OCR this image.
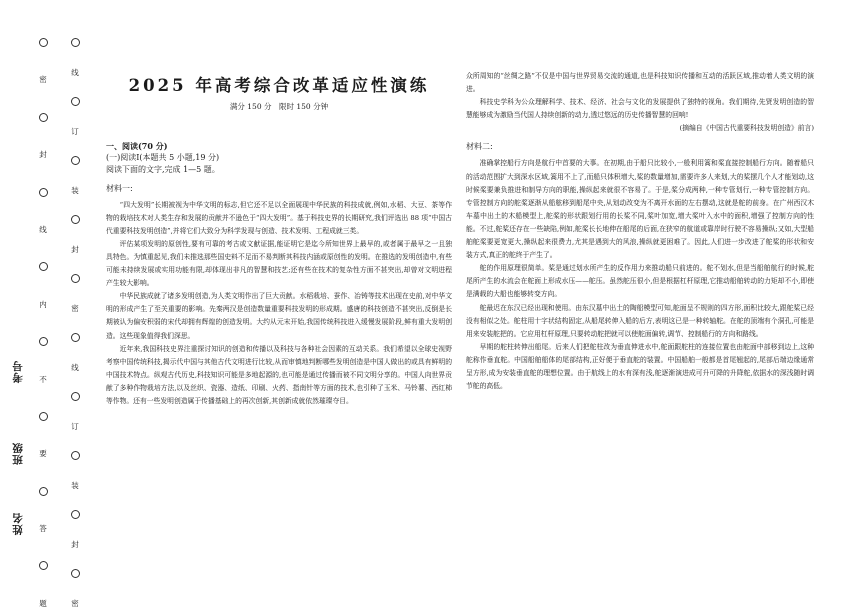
密
封
线
内
不
要
答
题
姓名
班级
考号
线
订
装
封
密
线
订
装
封
密
2025 年高考综合改革适应性演练
满分 150 分　限时 150 分钟

一、阅读(70 分)

(一)阅读Ⅰ(本题共 5 小题,19 分)

阅读下面的文字,完成 1—5 题。

材料一:

“四大发明”长期被视为中华文明的标志,但它还不足以全面展现中华民族的科技成就,例如,水稻、大豆、茶等作物的栽培技术对人类生存和发展的贡献并不逊色于“四大发明”。基于科技史界的长期研究,我们评选出 88 项“中国古代重要科技发明创造”,并将它们大致分为科学发现与创造、技术发明、工程成就三类。

评估某项发明的原创性,要有可靠的考古或文献证据,能证明它是迄今所知世界上最早的,或者属于最早之一且独具特色。为慎重起见,我们未推选那些国史料不足而不易判断其科技内涵或原创性的发明。在推选的发明创造中,有些可能未持续发展或实用功能有限,却体现出非凡的智慧和技艺;还有些在技术的复杂性方面不甚突出,却曾对文明进程产生较大影响。

中华民族成就了诸多发明创造,为人类文明作出了巨大贡献。水稻栽培、蚕作、冶铸等技术出现在史前,对中华文明的形成产生了至关重要的影响。先秦两汉是创造数量重要科技发明的形成期。盛唐的科技创造不甚突出,反倒是长期被认为偏安积弱的宋代却拥有辉煌的创造发明。大约从元末开始,我国传统科技进入缓慢发展阶段,鲜有重大发明创造。这些现象值得我们深思。

近年来,我国科技史界注重探讨知识的创造和传播以及科技与各种社会因素的互动关系。我们希望以全球史视野考察中国传统科技,揭示代中国与其他古代文明进行比较,从而审慎地判断哪些发明创造是中国人做出的或具有鲜明的中国技术特点。纵观古代历史,科技知识可能是多地起源的,也可能是通过传播而被不同文明分享的。中国人向世界贡献了多种作物栽培方法,以及丝织、瓷器、造纸、印刷、火药、指南针等方面的技术,也引种了玉米、马铃薯、西红柿等作物。还有一些发明创造属于传播基础上的再次创新,其创新成就依然璀璨夺目。

众所周知的“丝绸之路”不仅是中国与世界贸易交流的通道,也是科技知识传播和互动的活跃区域,推动着人类文明的演进。

科技史学科为公众理解科学、技术、经济、社会与文化的发展提供了独特的视角。我们期待,先贤发明创造的智慧能够成为激励当代国人持续创新的动力,透过悠远的历史传播智慧的回响!

(摘编自《中国古代重要科技发明创造》前言)

材料二:

准确掌控船行方向是航行中首要的大事。在初期,由于船只比较小,一般利用篙和桨直接控制船行方向。随着船只的活动范围扩大到深水区域,篙用不上了,而船只体积增大,桨的数量增加,需要许多人来划,大的桨摆几个人才能划动,这时候桨要兼负推进和制导方向的职能,操纵起来就很不容易了。于是,桨分成两种,一种专管划行,一种专管控制方向。专管控制方向的舵桨逐渐从船舷移到船尾中央,从划动改变为不离开水面的左右摆动,这就是舵的前身。在广州西汉木车墓中出土的木船模型上,舵桨的形状跟划行用的长桨不同,桨叶加宽,增大桨叶入水中的面积,增强了控制方向的性能。不过,舵桨还存在一些缺陷,例如,舵桨长长地伸在船尾的后面,在狭窄的航道或靠岸时行驶不容易操纵;又如,大型船舶舵桨要更宽更大,操纵起来很费力,尤其是遇到大的风浪,操纵就更困难了。因此,人们进一步改进了舵桨的形状和安装方式,真正的舵终于产生了。

舵的作用原理很简单。桨是通过划水所产生的反作用力来推动船只前进的。舵不划水,但是当船舶航行的时候,舵尾所产生的水流会在舵面上形成水压——舵压。虽然舵压很小,但是根据杠杆原理,它推动船舶转动的力矩却不小,即使是满载的大船也能够转变方向。

舵最迟在东汉已经出现和使用。由东汉墓中出土的陶船模型可知,舵面呈不规则的四方形,面积比较大,跟舵桨已经没有相似之处。舵柱用十字状结构固定,从船尾转伸入船的后方,表明这已是一种转轴舵。在舵的顶端有个洞孔,可能是用来安装舵把的。它应用杠杆原理,只要转动舵把就可以使舵面偏转,调节、控制船行的方向和路线。

早期的舵柱转伸出船尾。后来人们把舵柱改为垂直伸进水中,舵面跟舵柱的连接位置也由舵面中部移到边上,这种舵称作垂直舵。中国船舶船体的尾部结构,正好便于垂直舵的装置。中国船舶一般都是首尾翘起的,尾部后端边缘通常呈方形,成为安装垂直舵的理想位置。由于航线上的水有深有浅,舵逐渐演进成可升可降的升降舵,依据水的深浅随时调节舵的高低。
